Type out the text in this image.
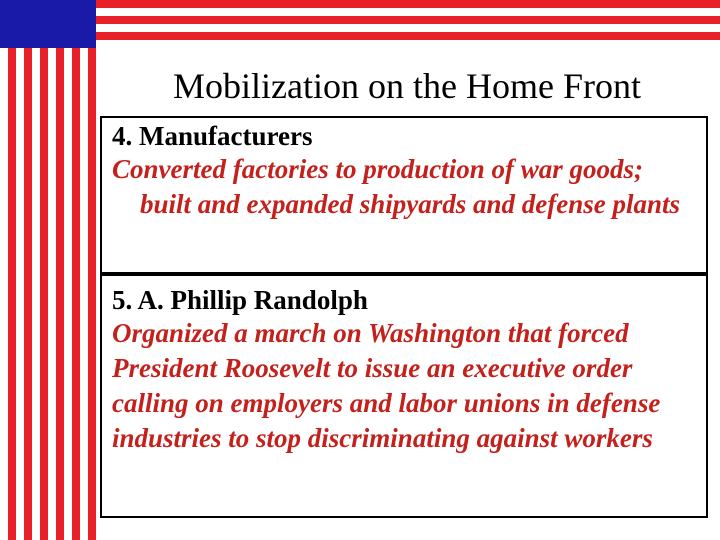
Mobilization on the Home Front

4. Manufacturers

Converted factories to production of war goods; built and expanded shipyards and defense plants

5. A. Phillip Randolph

Organized a march on Washington that forced President Roosevelt to issue an executive order calling on employers and labor unions in defense industries to stop discriminating against workers
